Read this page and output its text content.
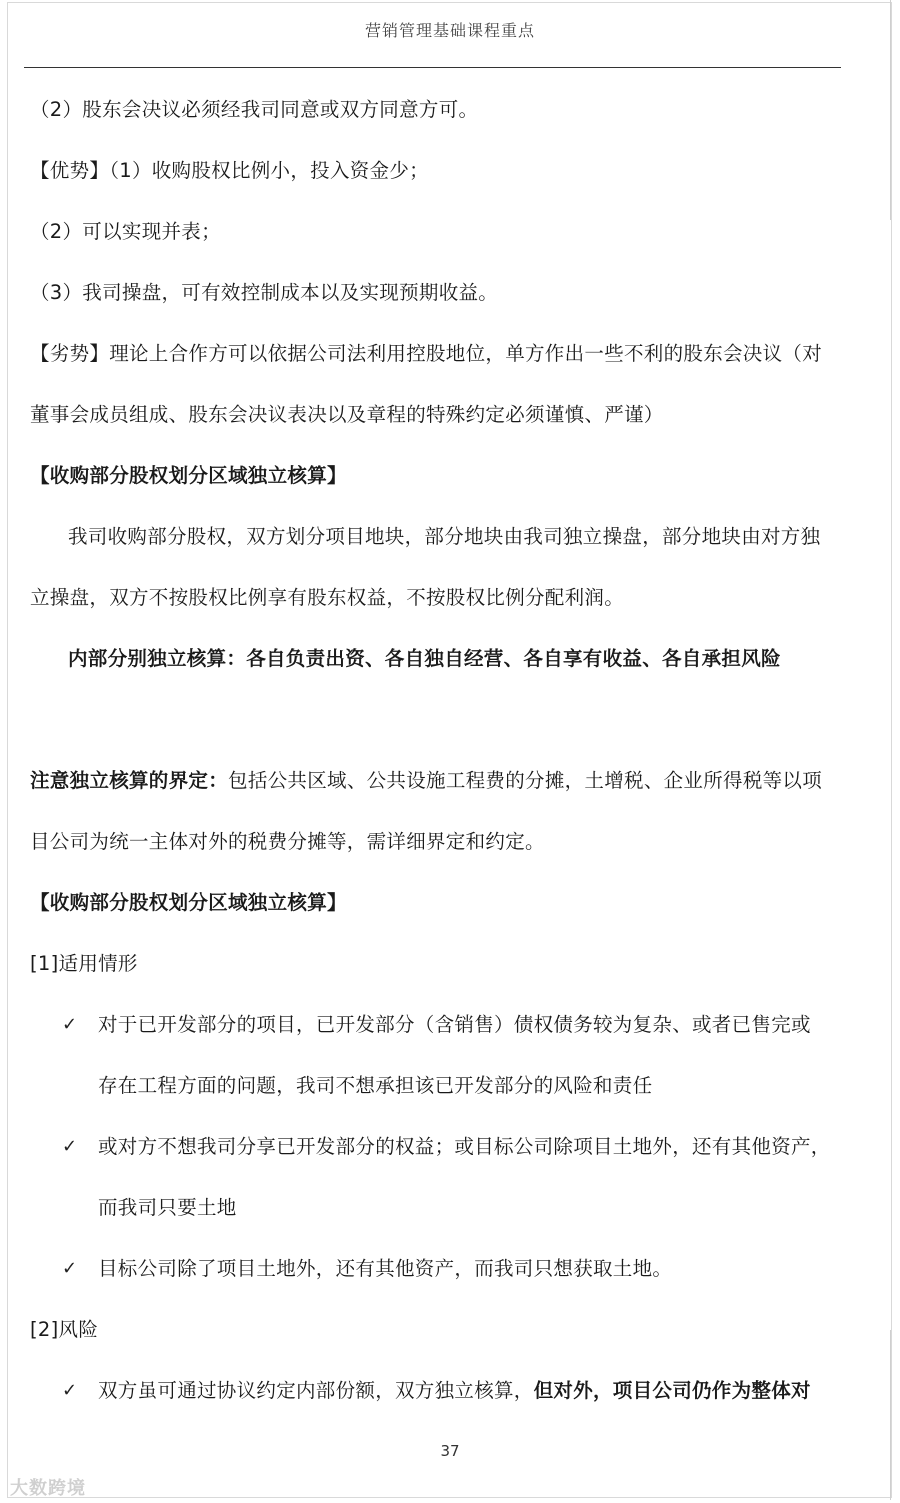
营销管理基础课程重点
（2）股东会决议必须经我司同意或双方同意方可。
【优势】（1）收购股权比例小，投入资金少；
（2）可以实现并表；
（3）我司操盘，可有效控制成本以及实现预期收益。
【劣势】理论上合作方可以依据公司法利用控股地位，单方作出一些不利的股东会决议（对
董事会成员组成、股东会决议表决以及章程的特殊约定必须谨慎、严谨）
【收购部分股权划分区域独立核算】
我司收购部分股权，双方划分项目地块，部分地块由我司独立操盘，部分地块由对方独
立操盘，双方不按股权比例享有股东权益，不按股权比例分配利润。
内部分别独立核算：各自负责出资、各自独自经营、各自享有收益、各自承担风险
注意独立核算的界定：包括公共区域、公共设施工程费的分摊，土增税、企业所得税等以项
目公司为统一主体对外的税费分摊等，需详细界定和约定。
【收购部分股权划分区域独立核算】
[1]适用情形
✓ 对于已开发部分的项目，已开发部分（含销售）债权债务较为复杂、或者已售完或
存在工程方面的问题，我司不想承担该已开发部分的风险和责任
✓ 或对方不想我司分享已开发部分的权益；或目标公司除项目土地外，还有其他资产，
而我司只要土地
✓ 目标公司除了项目土地外，还有其他资产，而我司只想获取土地。
[2]风险
✓ 双方虽可通过协议约定内部份额，双方独立核算，但对外，项目公司仍作为整体对
37
大数跨境
